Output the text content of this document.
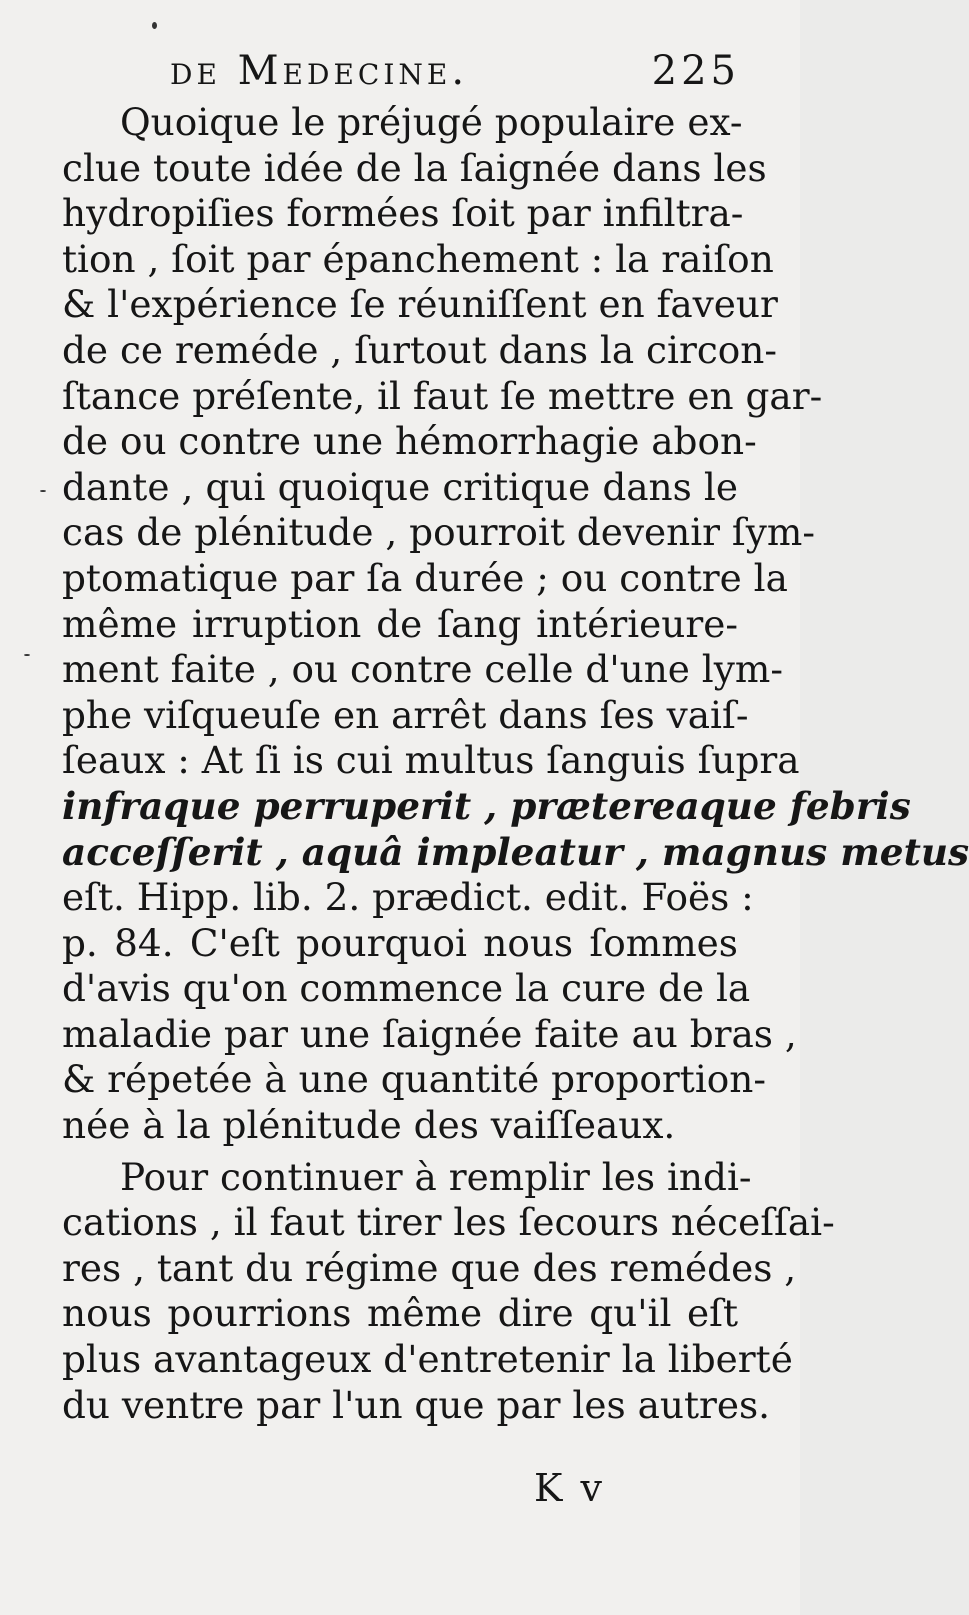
de Medecine.	225
Quoique le préjugé populaire ex-
clue toute idée de la ſaignée dans les
hydropiſies formées ſoit par infiltra-
tion , ſoit par épanchement : la raiſon
& l'expérience ſe réuniſſent en faveur
de ce reméde , ſurtout dans la circon-
ſtance préſente, il faut ſe mettre en gar-
de ou contre une hémorrhagie abon-
dante , qui quoique critique dans le
cas de plénitude , pourroit devenir ſym-
ptomatique par ſa durée ; ou contre la
même irruption de ſang intérieure-
ment faite , ou contre celle d'une lym-
phe viſqueuſe en arrêt dans ſes vaiſ-
ſeaux : At ſi is cui multus ſanguis ſupra
infraque perruperit , prætereaque febris
acceſſerit , aquâ impleatur , magnus metus
eſt. Hipp. lib. 2. prædict. edit. Foës :
p. 84. C'eſt pourquoi nous ſommes
d'avis qu'on commence la cure de la
maladie par une ſaignée faite au bras ,
& répetée à une quantité proportion-
née à la plénitude des vaiſſeaux.
Pour continuer à remplir les indi-
cations , il faut tirer les ſecours néceſſai-
res , tant du régime que des remédes ,
nous pourrions même dire qu'il eſt
plus avantageux d'entretenir la liberté
du ventre par l'un que par les autres.
K v
